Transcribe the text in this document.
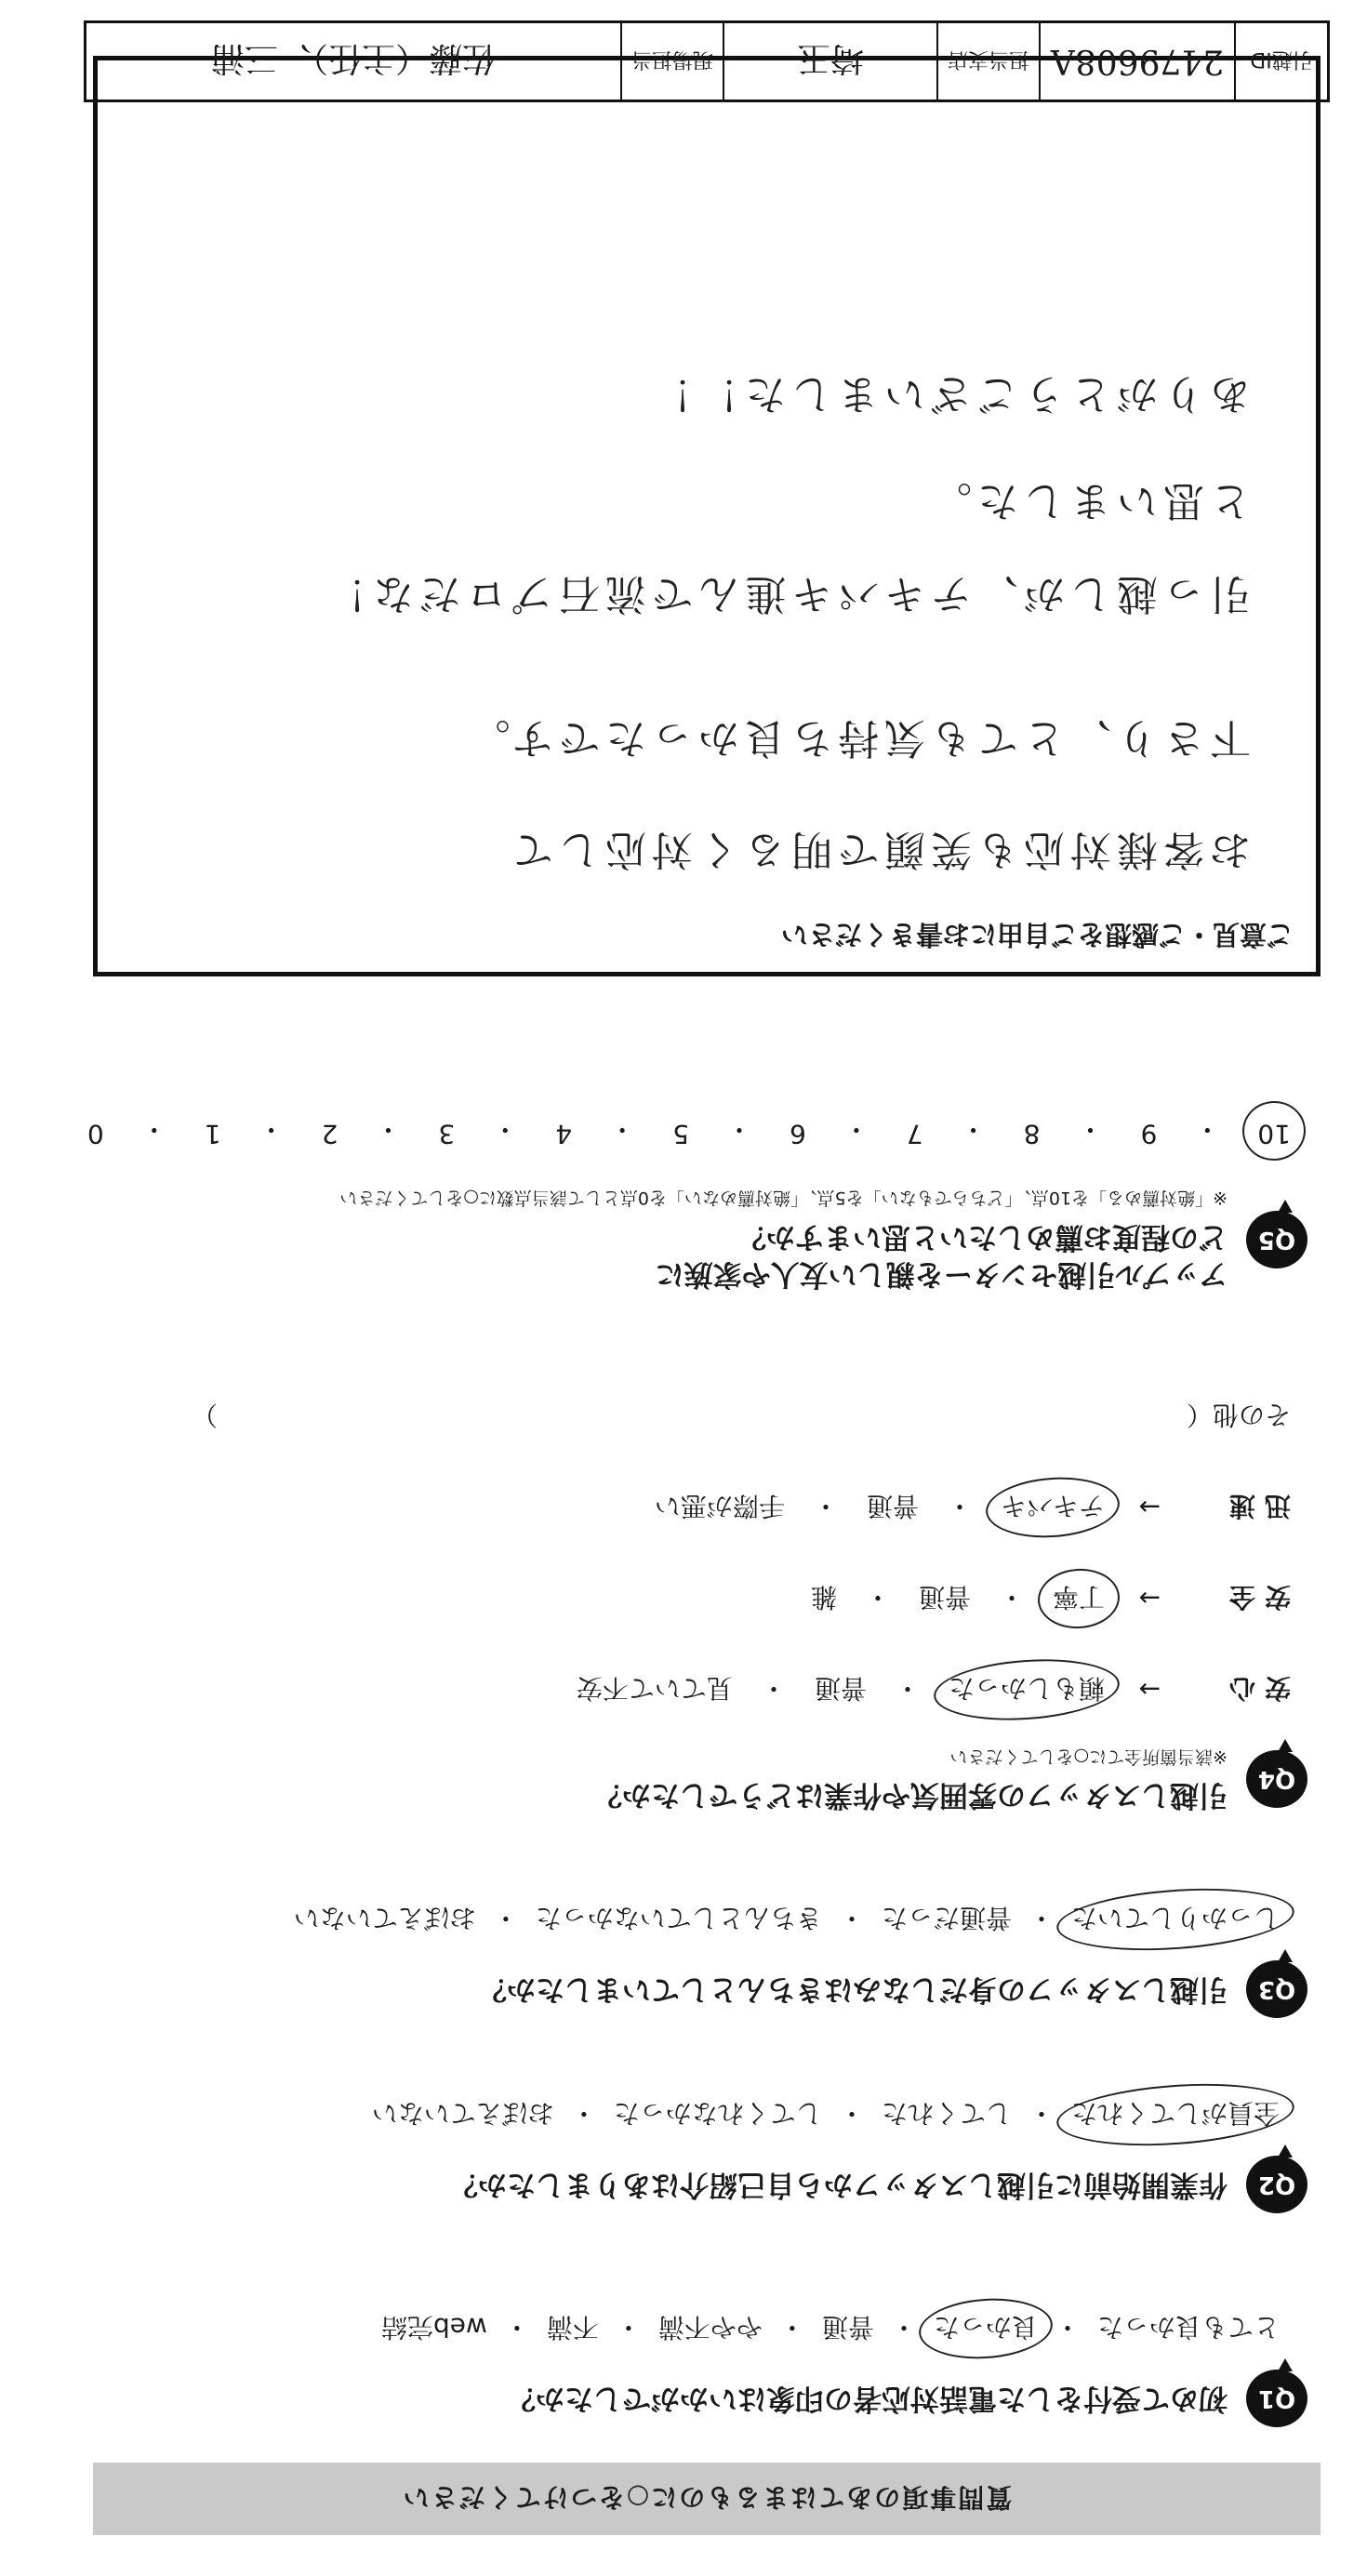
質問事項のあてはまるものに○をつけてください
Q1
初めて受付をした電話対応者の印象はいかがでしたか？
とても良かった
・
良かった
・
普通
・
やや不満
・
不満
・
web完結
Q2
作業開始前に引越しスタッフから自己紹介はありましたか？
全員がしてくれた
・
してくれた
・
してくれなかった
・
おぼえていない
Q3
引越しスタッフの身だしなみはきちんとしていましたか？
しっかりしていた
・
普通だった
・
きちんとしていなかった
・
おぼえていない
Q4
引越しスタッフの雰囲気や作業はどうでしたか？
※該当箇所全てに○をしてください
安心
→
頼もしかった
・
普通
・
見ていて不安
安全
→
丁寧
・
普通
・
雑
迅速
→
テキパキ
・
普通
・
手際が悪い
その他（
）
Q5
アップル引越センターを親しい友人や家族に
どの程度お薦めしたいと思いますか？
※「絶対薦める」を10点、「どちらでもない」を5点、「絶対薦めない」を0点として該当点数に○をしてください
10
・
9
・
8
・
7
・
6
・
5
・
4
・
3
・
2
・
1
・
0
ご意見・ご感想をご自由にお書きください
お客様対応も笑顔で明るく対応して
下さり、とても気持ち良かったです。
引っ越しが、テキパキ進んで流石プロだな！
と思いました。
ありがとうございました！！
引越ID
2479608A
担当支店
埼玉
現場担当
佐藤（主任）、三浦
